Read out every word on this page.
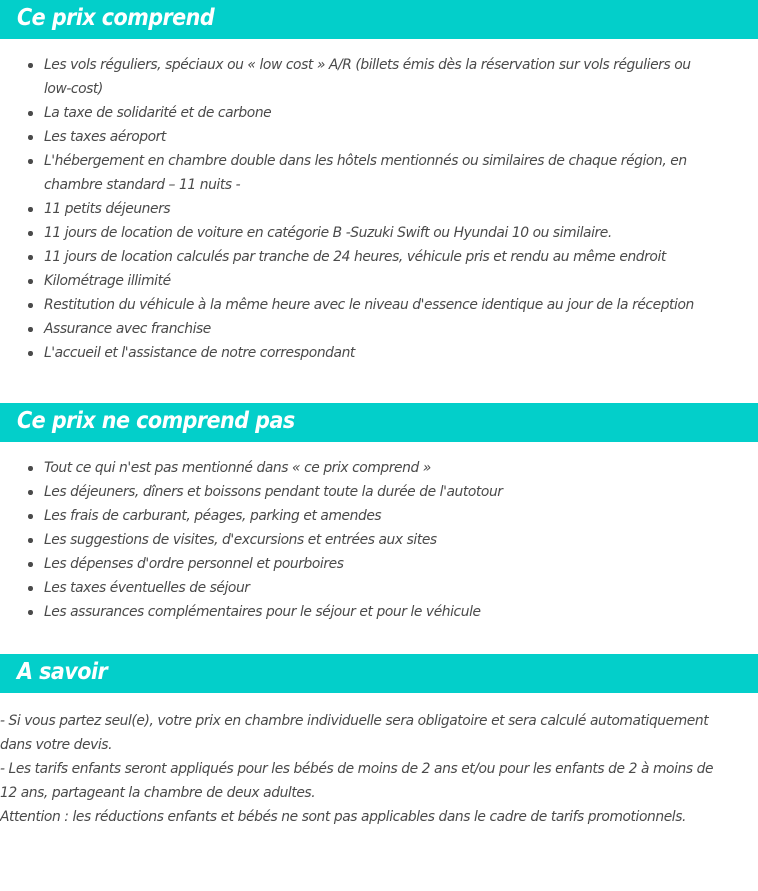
Ce prix comprend
Les vols réguliers, spéciaux ou « low cost » A/R (billets émis dès la réservation sur vols réguliers ou low-cost)
La taxe de solidarité et de carbone
Les taxes aéroport
L'hébergement en chambre double dans les hôtels mentionnés ou similaires de chaque région, en chambre standard – 11 nuits -
11 petits déjeuners
11 jours de location de voiture en catégorie B -Suzuki Swift ou Hyundai 10 ou similaire.
11 jours de location calculés par tranche de 24 heures, véhicule pris et rendu au même endroit
Kilométrage illimité
Restitution du véhicule à la même heure avec le niveau d'essence identique au jour de la réception
Assurance avec franchise
L'accueil et l'assistance de notre correspondant
Ce prix ne comprend pas
Tout ce qui n'est pas mentionné dans « ce prix comprend »
Les déjeuners, dîners et boissons pendant toute la durée de l'autotour
Les frais de carburant, péages, parking et amendes
Les suggestions de visites, d'excursions et entrées aux sites
Les dépenses d'ordre personnel et pourboires
Les taxes éventuelles de séjour
Les assurances complémentaires pour le séjour et pour le véhicule
A savoir

- Si vous partez seul(e), votre prix en chambre individuelle sera obligatoire et sera calculé automatiquement dans votre devis.

- Les tarifs enfants seront appliqués pour les bébés de moins de 2 ans et/ou pour les enfants de 2 à moins de 12 ans, partageant la chambre de deux adultes.

Attention : les réductions enfants et bébés ne sont pas applicables dans le cadre de tarifs promotionnels.
